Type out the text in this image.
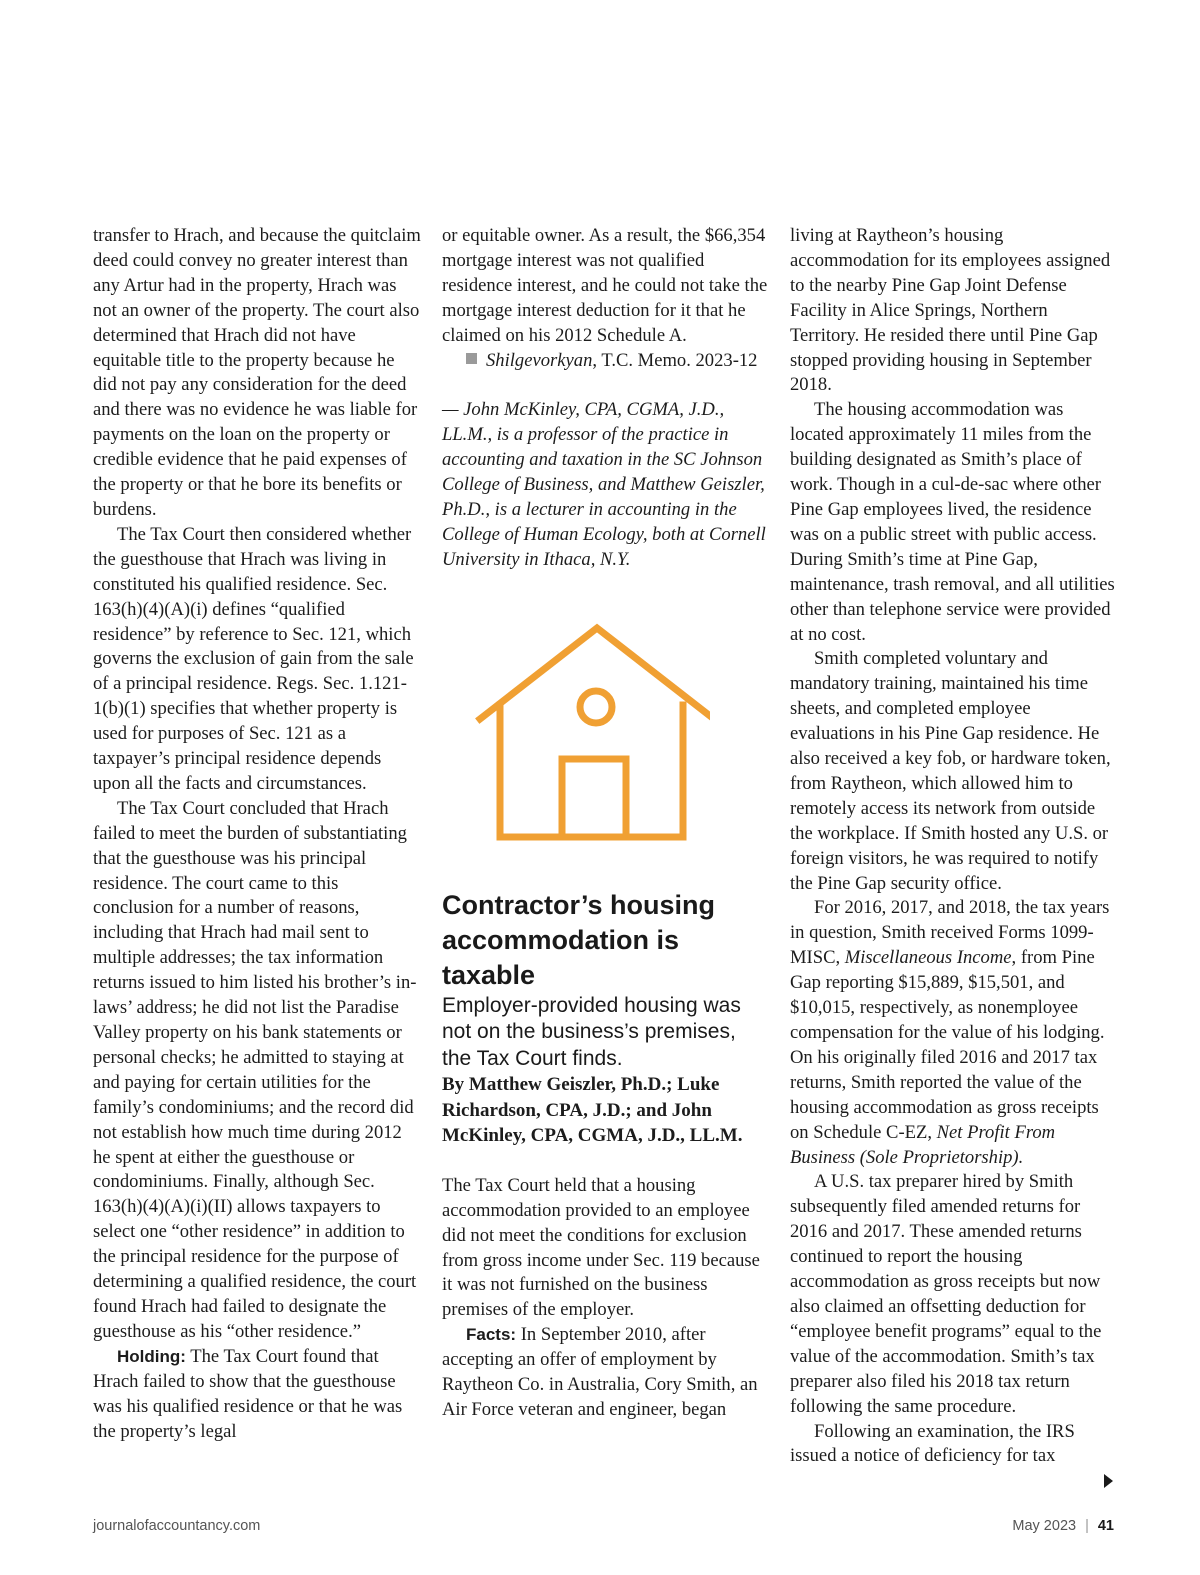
transfer to Hrach, and because the quitclaim deed could convey no greater interest than any Artur had in the property, Hrach was not an owner of the property. The court also determined that Hrach did not have equitable title to the property because he did not pay any consideration for the deed and there was no evidence he was liable for payments on the loan on the property or credible evidence that he paid expenses of the property or that he bore its benefits or burdens.

The Tax Court then considered whether the guesthouse that Hrach was living in constituted his qualified residence. Sec. 163(h)(4)(A)(i) defines “qualified residence” by reference to Sec. 121, which governs the exclusion of gain from the sale of a principal residence. Regs. Sec. 1.121-1(b)(1) specifies that whether property is used for purposes of Sec. 121 as a taxpayer’s principal residence depends upon all the facts and circumstances.

The Tax Court concluded that Hrach failed to meet the burden of substantiating that the guesthouse was his principal residence. The court came to this conclusion for a number of reasons, including that Hrach had mail sent to multiple addresses; the tax information returns issued to him listed his brother’s in-laws’ address; he did not list the Paradise Valley property on his bank statements or personal checks; he admitted to staying at and paying for certain utilities for the family’s condominiums; and the record did not establish how much time during 2012 he spent at either the guesthouse or condominiums. Finally, although Sec. 163(h)(4)(A)(i)(II) allows taxpayers to select one “other residence” in addition to the principal residence for the purpose of determining a qualified residence, the court found Hrach had failed to designate the guesthouse as his “other residence.”

Holding: The Tax Court found that Hrach failed to show that the guesthouse was his qualified residence or that he was the property’s legal

or equitable owner. As a result, the $66,354 mortgage interest was not qualified residence interest, and he could not take the mortgage interest deduction for it that he claimed on his 2012 Schedule A.

Shilgevorkyan, T.C. Memo. 2023-12

— John McKinley, CPA, CGMA, J.D., LL.M., is a professor of the practice in accounting and taxation in the SC Johnson College of Business, and Matthew Geiszler, Ph.D., is a lecturer in accounting in the College of Human Ecology, both at Cornell University in Ithaca, N.Y.

Contractor’s housing accommodation is taxable

Employer-provided housing was not on the business’s premises, the Tax Court finds.

By Matthew Geiszler, Ph.D.; Luke Richardson, CPA, J.D.; and John McKinley, CPA, CGMA, J.D., LL.M.

The Tax Court held that a housing accommodation provided to an employee did not meet the conditions for exclusion from gross income under Sec. 119 because it was not furnished on the business premises of the employer.

Facts: In September 2010, after accepting an offer of employment by Raytheon Co. in Australia, Cory Smith, an Air Force veteran and engineer, began

living at Raytheon’s housing accommodation for its employees assigned to the nearby Pine Gap Joint Defense Facility in Alice Springs, Northern Territory. He resided there until Pine Gap stopped providing housing in September 2018.

The housing accommodation was located approximately 11 miles from the building designated as Smith’s place of work. Though in a cul-de-sac where other Pine Gap employees lived, the residence was on a public street with public access. During Smith’s time at Pine Gap, maintenance, trash removal, and all utilities other than telephone service were provided at no cost.

Smith completed voluntary and mandatory training, maintained his time sheets, and completed employee evaluations in his Pine Gap residence. He also received a key fob, or hardware token, from Raytheon, which allowed him to remotely access its network from outside the workplace. If Smith hosted any U.S. or foreign visitors, he was required to notify the Pine Gap security office.

For 2016, 2017, and 2018, the tax years in question, Smith received Forms 1099-MISC, Miscellaneous Income, from Pine Gap reporting $15,889, $15,501, and $10,015, respectively, as nonemployee compensation for the value of his lodging. On his originally filed 2016 and 2017 tax returns, Smith reported the value of the housing accommodation as gross receipts on Schedule C-EZ, Net Profit From Business (Sole Proprietorship).

A U.S. tax preparer hired by Smith subsequently filed amended returns for 2016 and 2017. These amended returns continued to report the housing accommodation as gross receipts but now also claimed an offsetting deduction for “employee benefit programs” equal to the value of the accommodation. Smith’s tax preparer also filed his 2018 tax return following the same procedure.

Following an examination, the IRS issued a notice of deficiency for tax

journalofaccountancy.com	May 2023 | 41
